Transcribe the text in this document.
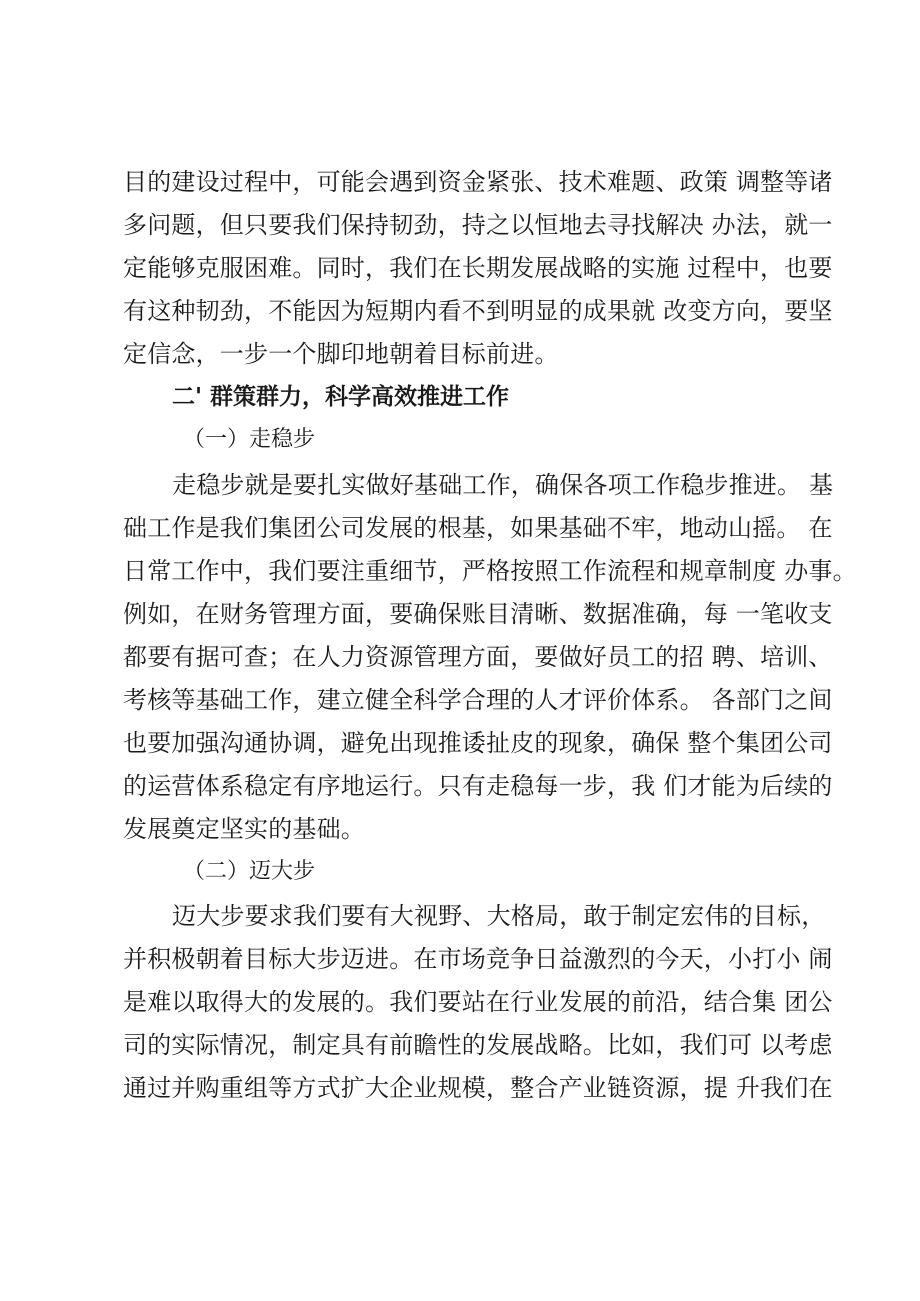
目的建设过程中，可能会遇到资金紧张、技术难题、政策 调整等诸
多问题，但只要我们保持韧劲，持之以恒地去寻找解决 办法，就一
定能够克服困难。同时，我们在长期发展战略的实施 过程中，也要
有这种韧劲，不能因为短期内看不到明显的成果就 改变方向，要坚
定信念，一步一个脚印地朝着目标前进。
二' 群策群力，科学高效推进工作
（一）走稳步
走稳步就是要扎实做好基础工作，确保各项工作稳步推进。 基
础工作是我们集团公司发展的根基，如果基础不牢，地动山摇。 在
日常工作中，我们要注重细节，严格按照工作流程和规章制度 办事。
例如，在财务管理方面，要确保账目清晰、数据准确，每 一笔收支
都要有据可查；在人力资源管理方面，要做好员工的招 聘、培训、
考核等基础工作，建立健全科学合理的人才评价体系。 各部门之间
也要加强沟通协调，避免出现推诿扯皮的现象，确保 整个集团公司
的运营体系稳定有序地运行。只有走稳每一步，我 们才能为后续的
发展奠定坚实的基础。
（二）迈大步
迈大步要求我们要有大视野、大格局，敢于制定宏伟的目标，
并积极朝着目标大步迈进。在市场竞争日益激烈的今天，小打小 闹
是难以取得大的发展的。我们要站在行业发展的前沿，结合集 团公
司的实际情况，制定具有前瞻性的发展战略。比如，我们可 以考虑
通过并购重组等方式扩大企业规模，整合产业链资源，提 升我们在
